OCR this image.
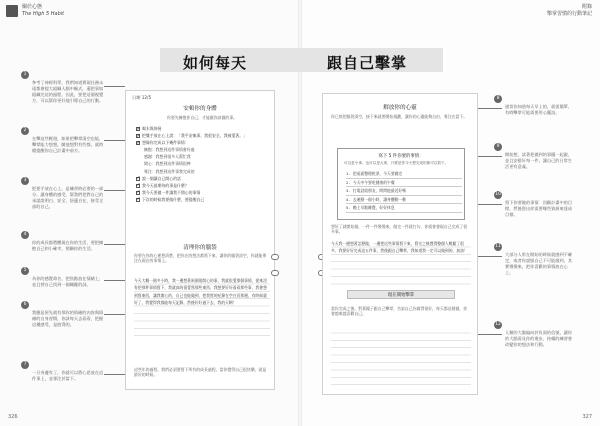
關於心態
The High 5 Habit
附錄
擊掌習慣的行動筆記
326	327
如何每天	跟自己擊掌
1
參考了神經科學，我們知道實現任務永遠都會提大組織人腦中樞式，還把事如組織完這的過程，因此，要把這個視覺方，可以幫你更好地引導自己的行動。
2
在擊這些輕遊，如果把擊掌清空也能，擊掌能力想想，隨他想對有些都，就時總提醒你自己計畫中前方。
3
把要手放在心上，是練習時必要的一部分。讓身體的感受，幫我們把對自己的承諾說明白、安全、舒適自在、接受全部的自己。
4
你的成長都將體現在你的生活，要把擁抱自己和小確幸，照顧你的生活。
5
為你的感覺命名，把焦點放在情緒上，並且替自己找到一個關鍵的詞。
6
我應是原先就有那你的情緒的內容與情緒的自身習慣，你該每天去看看，把握這種感受，是值得的。
7
一旦身邊有了，你就可以將心思放在這件事上，並專注於當下。
8
通常你知道每天早上的，就很簡單，有時擊掌可能需要用心擺設。
9
開始想，試著把做到的事擺一起做，並且安排好每一件，讓自己的日常生活更有意義。
10
寫下你要做的事情：回顧計畫中的目標，然後寫出你需要哪些資源來達成目標。
11
大部分人常在開始的時候就感到不確定，或者你說服自己不可能做到，其實慢慢來，把你喜歡的事情放在心上。
12
人類的大腦偏向於負面的信號，讓你的大腦看見你的進步，持續的練習會改變你的想法和行動。
日期 12/5
安頓你的身體
你要先擁抱你自己，才能做你該做的事。
✓喝水與伸展
✓把雙手放在心上說：「我平安無事，我很安全，我被愛著。」
✓想像你完成以下幾件事情：
擁抱：我想到這件事情會好過
感謝：我想到很多人幫忙我
開心：我想到這件事情很棒
專注：我想到這件事我完成的
✓說一個讓自己開心的話
✓我今天最期待的事是什麼？
✓我今天要做一件讓我不開心的事情
✓下次的時候我要做什麼，要提醒自己
清理你的腦袋
你要在你的心裡想清楚，把你在的想法都寫下來，讓你的腦袋清空，你就能專注在現在的事情上。
今天大概一個多小時，我一邊想著兩個很開心的事，我就很愛那個事情，從來沒有把那件事情寫下，我就真的很愛寫那些東西，我想要好好看看那些事，我會想到寫東西，讓我開心的，自己也能做到，把我寫的紀錄在空白頁那邊，有時候就好了，我覺得我都能每天記錄，然後好好過下去，我的天啊！
這些年的過程，我們必須要寫下所有的成長過程，當你覺得自己很快樂，就是最好的時候。
解放你的心靈
你已經把腦袋清空，接下來就要開始規劃，讓你的心靈能夠自由，專注在當下。
寫下 5 件你要的事情：
可以是小事，也可以是大事，只要是你今天想完成的都可以寫下。
1. 把桌面整理乾淨，今天要做完
2. 今天中午要吃健康的午餐
3. 打電話給朋友，問問他最近好嗎
4. 去運動一個小時，讓身體動一動
5. 晚上早點睡覺，好好休息
想好了就開始做，一件一件慢慢來，做完一件就打勾，你就會發現自己完成了很多事。
今天我一邊想著怎麼做，一邊把這些事情寫下來，寫完之後覺得整個人輕鬆了很多，我要好好完成這五件事，然後跟自己擊掌，我知道我一定可以做到的，加油！
現在開始擊掌
當你完成之後，對著鏡子跟自己擊掌，告訴自己你做得很好，每天都這樣做，你會越來越喜歡自己。
